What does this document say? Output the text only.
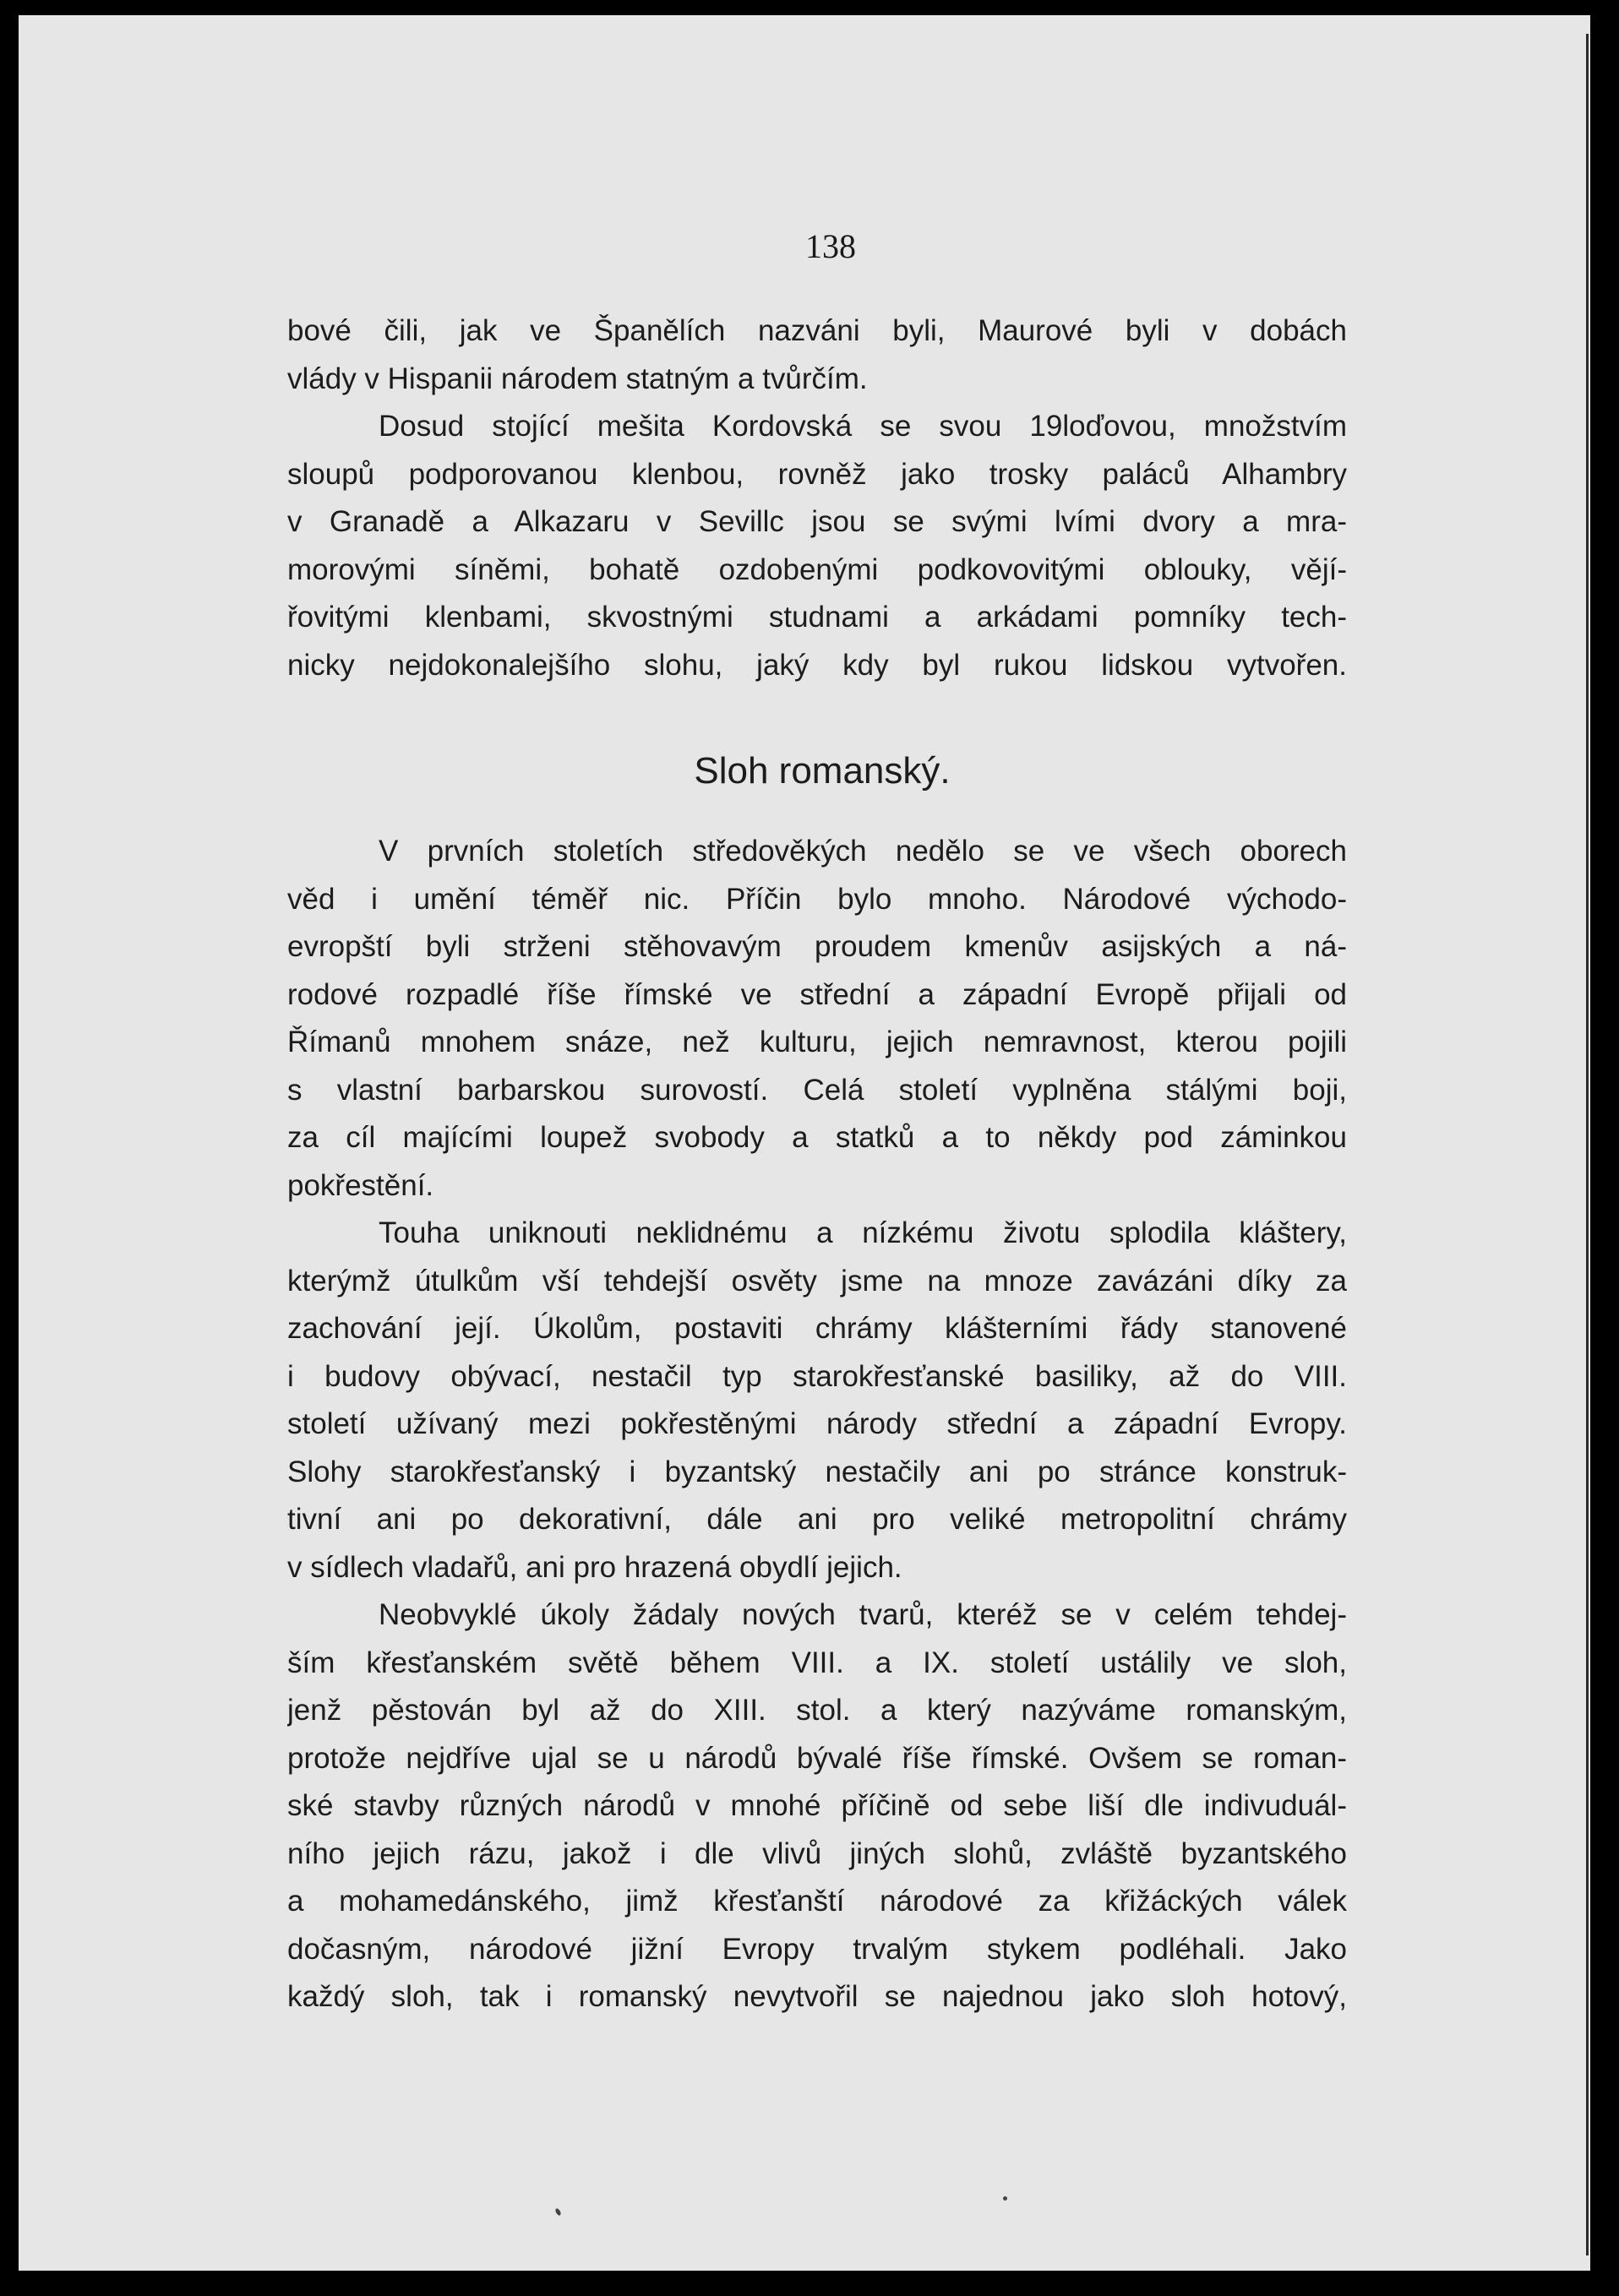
138
bové čili, jak ve Španělích nazváni byli, Maurové byli v dobách
vlády v Hispanii národem statným a tvůrčím.
Dosud stojící mešita Kordovská se svou 19loďovou, množstvím
sloupů podporovanou klenbou, rovněž jako trosky paláců Alhambry
v Granadě a Alkazaru v Sevillc jsou se svými lvími dvory a mra-
morovými síněmi, bohatě ozdobenými podkovovitými oblouky, vějí-
řovitými klenbami, skvostnými studnami a arkádami pomníky tech-
nicky nejdokonalejšího slohu, jaký kdy byl rukou lidskou vytvořen.
Sloh romanský.
V prvních stoletích středověkých nedělo se ve všech oborech
věd i umění téměř nic. Příčin bylo mnoho. Národové východo-
evropští byli strženi stěhovavým proudem kmenův asijských a ná-
rodové rozpadlé říše římské ve střední a západní Evropě přijali od
Římanů mnohem snáze, než kulturu, jejich nemravnost, kterou pojili
s vlastní barbarskou surovostí. Celá století vyplněna stálými boji,
za cíl majícími loupež svobody a statků a to někdy pod záminkou
pokřestění.
Touha uniknouti neklidnému a nízkému životu splodila kláštery,
kterýmž útulkům vší tehdejší osvěty jsme na mnoze zavázáni díky za
zachování její. Úkolům, postaviti chrámy klášterními řády stanovené
i budovy obývací, nestačil typ starokřesťanské basiliky, až do VIII.
století užívaný mezi pokřestěnými národy střední a západní Evropy.
Slohy starokřesťanský i byzantský nestačily ani po stránce konstruk-
tivní ani po dekorativní, dále ani pro veliké metropolitní chrámy
v sídlech vladařů, ani pro hrazená obydlí jejich.
Neobvyklé úkoly žádaly nových tvarů, kteréž se v celém tehdej-
ším křesťanském světě během VIII. a IX. století ustálily ve sloh,
jenž pěstován byl až do XIII. stol. a který nazýváme romanským,
protože nejdříve ujal se u národů bývalé říše římské. Ovšem se roman-
ské stavby různých národů v mnohé příčině od sebe liší dle indivuduál-
ního jejich rázu, jakož i dle vlivů jiných slohů, zvláště byzantského
a mohamedánského, jimž křesťanští národové za křižáckých válek
dočasným, národové jižní Evropy trvalým stykem podléhali. Jako
každý sloh, tak i romanský nevytvořil se najednou jako sloh hotový,
